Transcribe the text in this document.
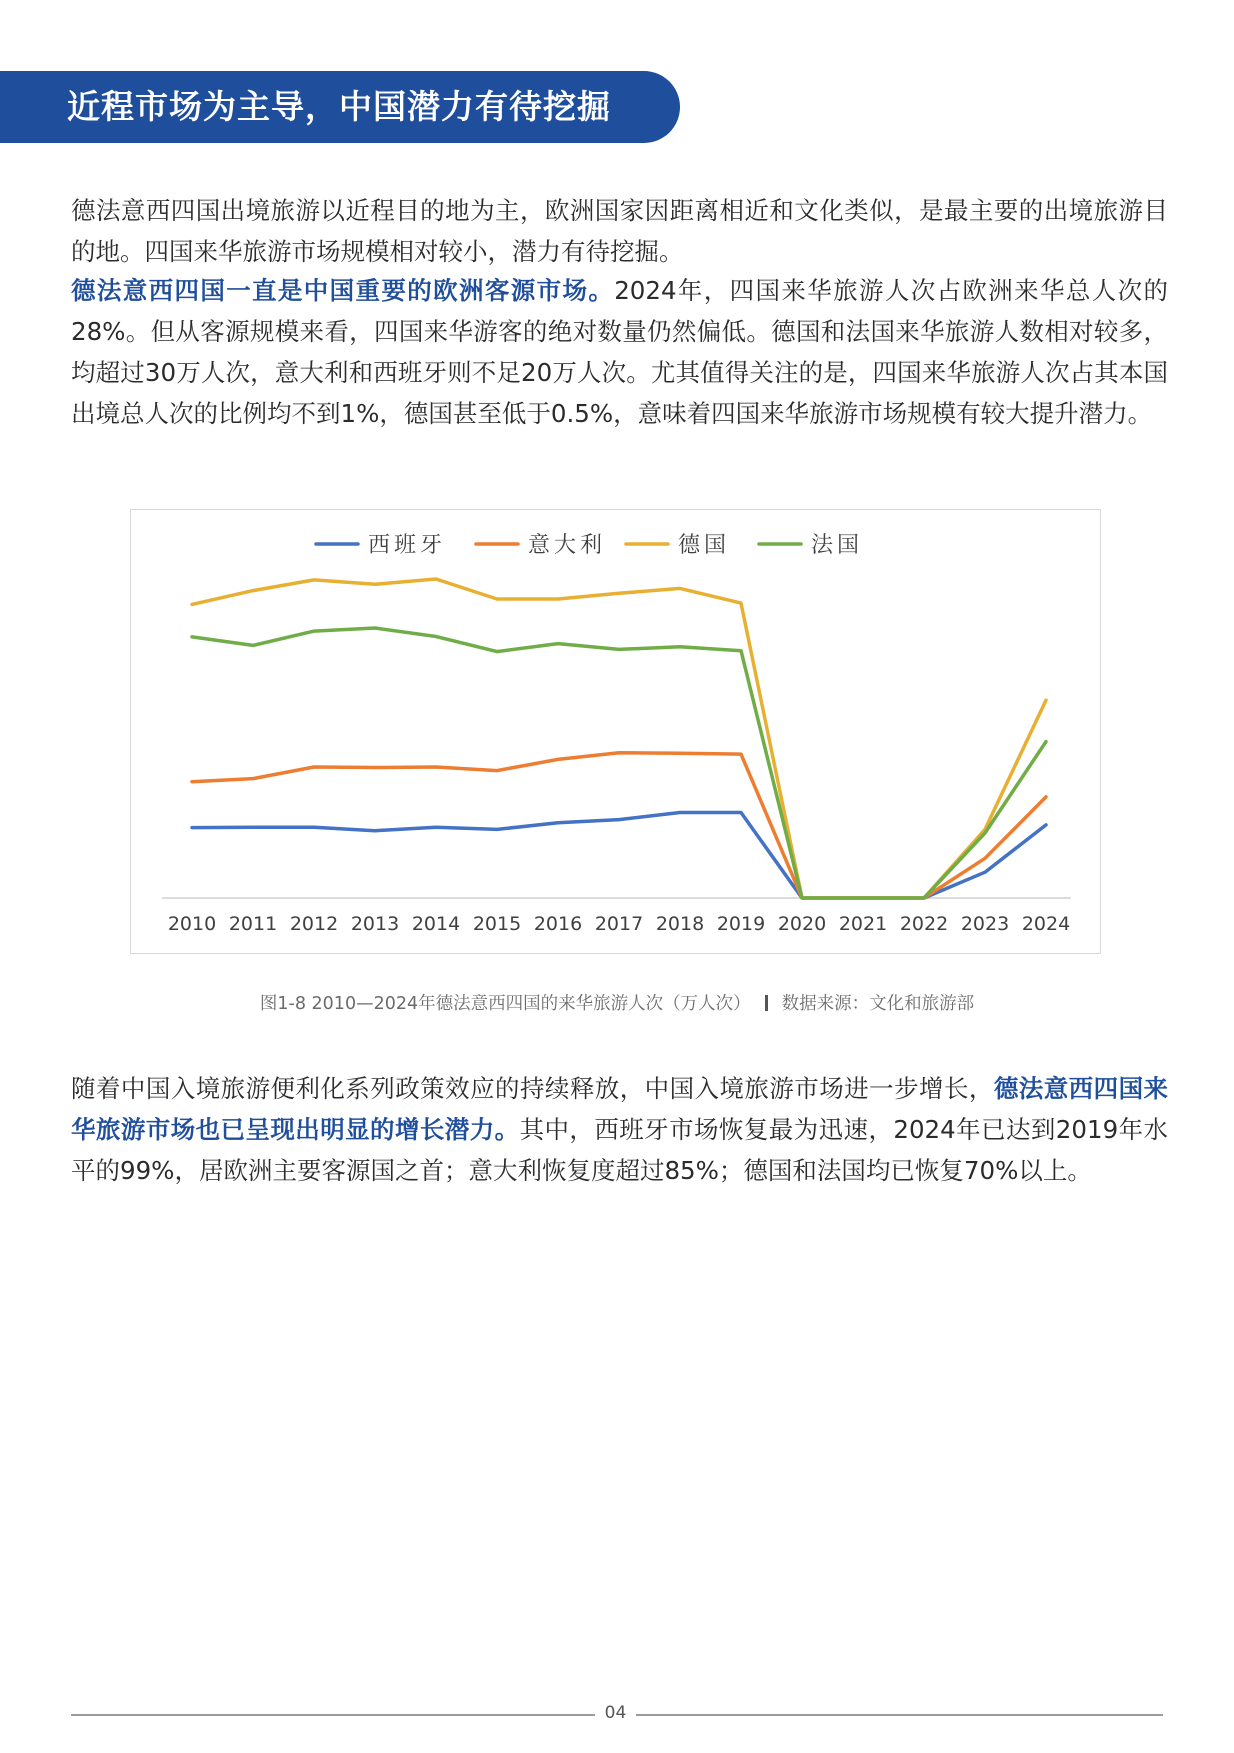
近程市场为主导，中国潜力有待挖掘

德法意西四国出境旅游以近程目的地为主，欧洲国家因距离相近和文化类似，是最主要的出境旅游目的地。四国来华旅游市场规模相对较小，潜力有待挖掘。

德法意西四国一直是中国重要的欧洲客源市场。2024年，四国来华旅游人次占欧洲来华总人次的28%。但从客源规模来看，四国来华游客的绝对数量仍然偏低。德国和法国来华旅游人数相对较多，均超过30万人次，意大利和西班牙则不足20万人次。尤其值得关注的是，四国来华旅游人次占其本国出境总人次的比例均不到1%，德国甚至低于0.5%，意味着四国来华旅游市场规模有较大提升潜力。

2010 2011 2012 2013 2014 2015 2016 2017 2018 2019 2020 2021 2022 2023 2024
西班牙	意大利	德国	法国
图1-8 2010—2024年德法意西四国的来华旅游人次（万人次） 数据来源：文化和旅游部

随着中国入境旅游便利化系列政策效应的持续释放，中国入境旅游市场进一步增长，德法意西四国来华旅游市场也已呈现出明显的增长潜力。其中，西班牙市场恢复最为迅速，2024年已达到2019年水平的99%，居欧洲主要客源国之首；意大利恢复度超过85%；德国和法国均已恢复70%以上。

04
